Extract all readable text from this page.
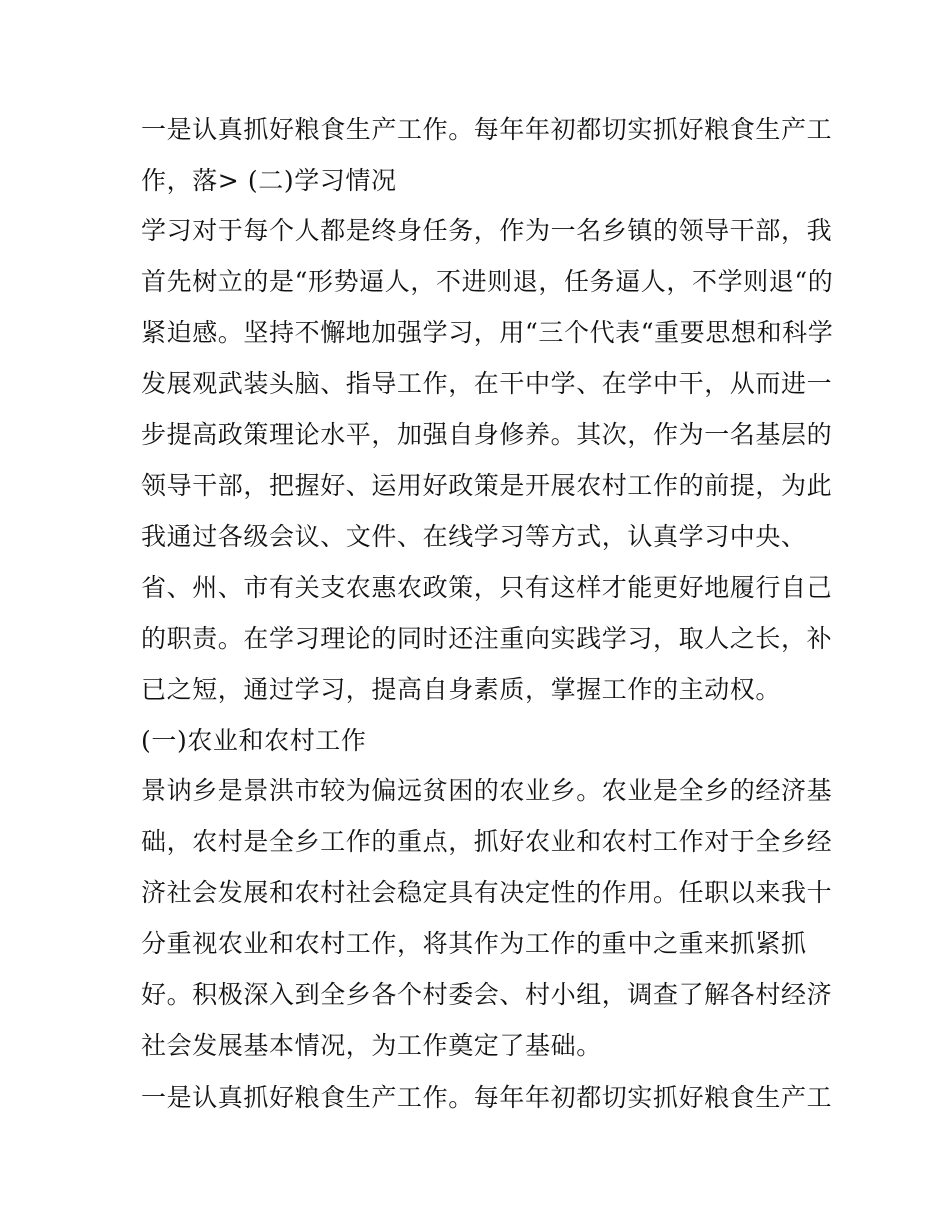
一是认真抓好粮食生产工作。每年年初都切实抓好粮食生产工
作，落> (二)学习情况
学习对于每个人都是终身任务，作为一名乡镇的领导干部，我
首先树立的是“形势逼人，不进则退，任务逼人，不学则退“的
紧迫感。坚持不懈地加强学习，用“三个代表“重要思想和科学
发展观武装头脑、指导工作，在干中学、在学中干，从而进一
步提高政策理论水平，加强自身修养。其次，作为一名基层的
领导干部，把握好、运用好政策是开展农村工作的前提，为此
我通过各级会议、文件、在线学习等方式，认真学习中央、
省、州、市有关支农惠农政策，只有这样才能更好地履行自己
的职责。在学习理论的同时还注重向实践学习，取人之长，补
已之短，通过学习，提高自身素质，掌握工作的主动权。
(一)农业和农村工作
景讷乡是景洪市较为偏远贫困的农业乡。农业是全乡的经济基
础，农村是全乡工作的重点，抓好农业和农村工作对于全乡经
济社会发展和农村社会稳定具有决定性的作用。任职以来我十
分重视农业和农村工作，将其作为工作的重中之重来抓紧抓
好。积极深入到全乡各个村委会、村小组，调查了解各村经济
社会发展基本情况，为工作奠定了基础。
一是认真抓好粮食生产工作。每年年初都切实抓好粮食生产工
